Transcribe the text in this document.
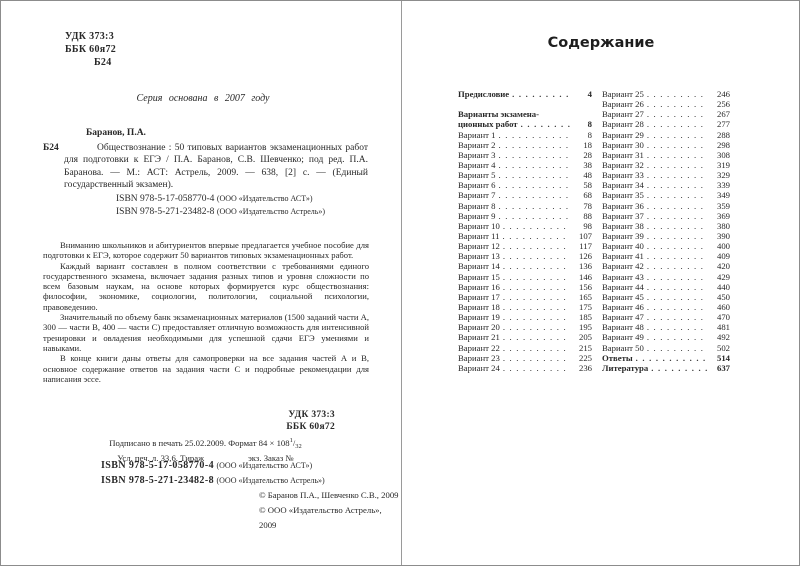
УДК 373:3
ББК 60я72
Б24
Серия основана в 2007 году
Баранов, П.А.
Б24	Обществознание : 50 типовых вариантов экзаменационных работ для подготовки к ЕГЭ / П.А. Баранов, С.В. Шевченко; под ред. П.А. Баранова. — М.: АСТ: Астрель, 2009. — 638, [2] с. — (Единый государственный экзамен).

ISBN 978-5-17-058770-4 (ООО «Издательство АСТ»)
ISBN 978-5-271-23482-8 (ООО «Издательство Астрель»)

Вниманию школьников и абитуриентов впервые предлагается учебное пособие для подготовки к ЕГЭ, которое содержит 50 вариантов типовых экзаменационных работ.

Каждый вариант составлен в полном соответствии с требованиями единого государственного экзамена, включает задания разных типов и уровня сложности по всем базовым наукам, на основе которых формируется курс обществознания: философии, экономике, социологии, политологии, социальной психологии, правоведению.

Значительный по объему банк экзаменационных материалов (1500 заданий части А, 300 — части В, 400 — части С) предоставляет отличную возможность для интенсивной тренировки и овладения необходимыми для успешной сдачи ЕГЭ умениями и навыками.

В конце книги даны ответы для самопроверки на все задания частей А и В, основное содержание ответов на задания части С и подробные рекомендации для написания эссе.

УДК 373:3
ББК 60я72
Подписано в печать 25.02.2009. Формат $84 \times 108^1/_{32}$
Усл. печ. л. 33,6. Тираж	экз. Заказ №
ISBN 978-5-17-058770-4 (ООО «Издательство АСТ»)
ISBN 978-5-271-23482-8 (ООО «Издательство Астрель»)
© Баранов П.А., Шевченко С.В., 2009
© ООО «Издательство Астрель», 2009
Содержание
Предисловие . . .	4
Варианты экзамена-
ционных работ . . .	8
Вариант 1 . . .	8
Вариант 2 . . .	18
Вариант 3 . . .	28
Вариант 4 . . .	38
Вариант 5 . . .	48
Вариант 6 . . .	58
Вариант 7 . . .	68
Вариант 8 . . .	78
Вариант 9 . . .	88
Вариант 10 . . .	98
Вариант 11 . . .	107
Вариант 12 . . .	117
Вариант 13 . . .	126
Вариант 14 . . .	136
Вариант 15 . . .	146
Вариант 16 . . .	156
Вариант 17 . . .	165
Вариант 18 . . .	175
Вариант 19 . . .	185
Вариант 20 . . .	195
Вариант 21 . . .	205
Вариант 22 . . .	215
Вариант 23 . . .	225
Вариант 24 . . .	236
Вариант 25 . . .	246
Вариант 26 . . .	256
Вариант 27 . . .	267
Вариант 28 . . .	277
Вариант 29 . . .	288
Вариант 30 . . .	298
Вариант 31 . . .	308
Вариант 32 . . .	319
Вариант 33 . . .	329
Вариант 34 . . .	339
Вариант 35 . . .	349
Вариант 36 . . .	359
Вариант 37 . . .	369
Вариант 38 . . .	380
Вариант 39 . . .	390
Вариант 40 . . .	400
Вариант 41 . . .	409
Вариант 42 . . .	420
Вариант 43 . . .	429
Вариант 44 . . .	440
Вариант 45 . . .	450
Вариант 46 . . .	460
Вариант 47 . . .	470
Вариант 48 . . .	481
Вариант 49 . . .	492
Вариант 50 . . .	502
Ответы . . .	514
Литература . . .	637
